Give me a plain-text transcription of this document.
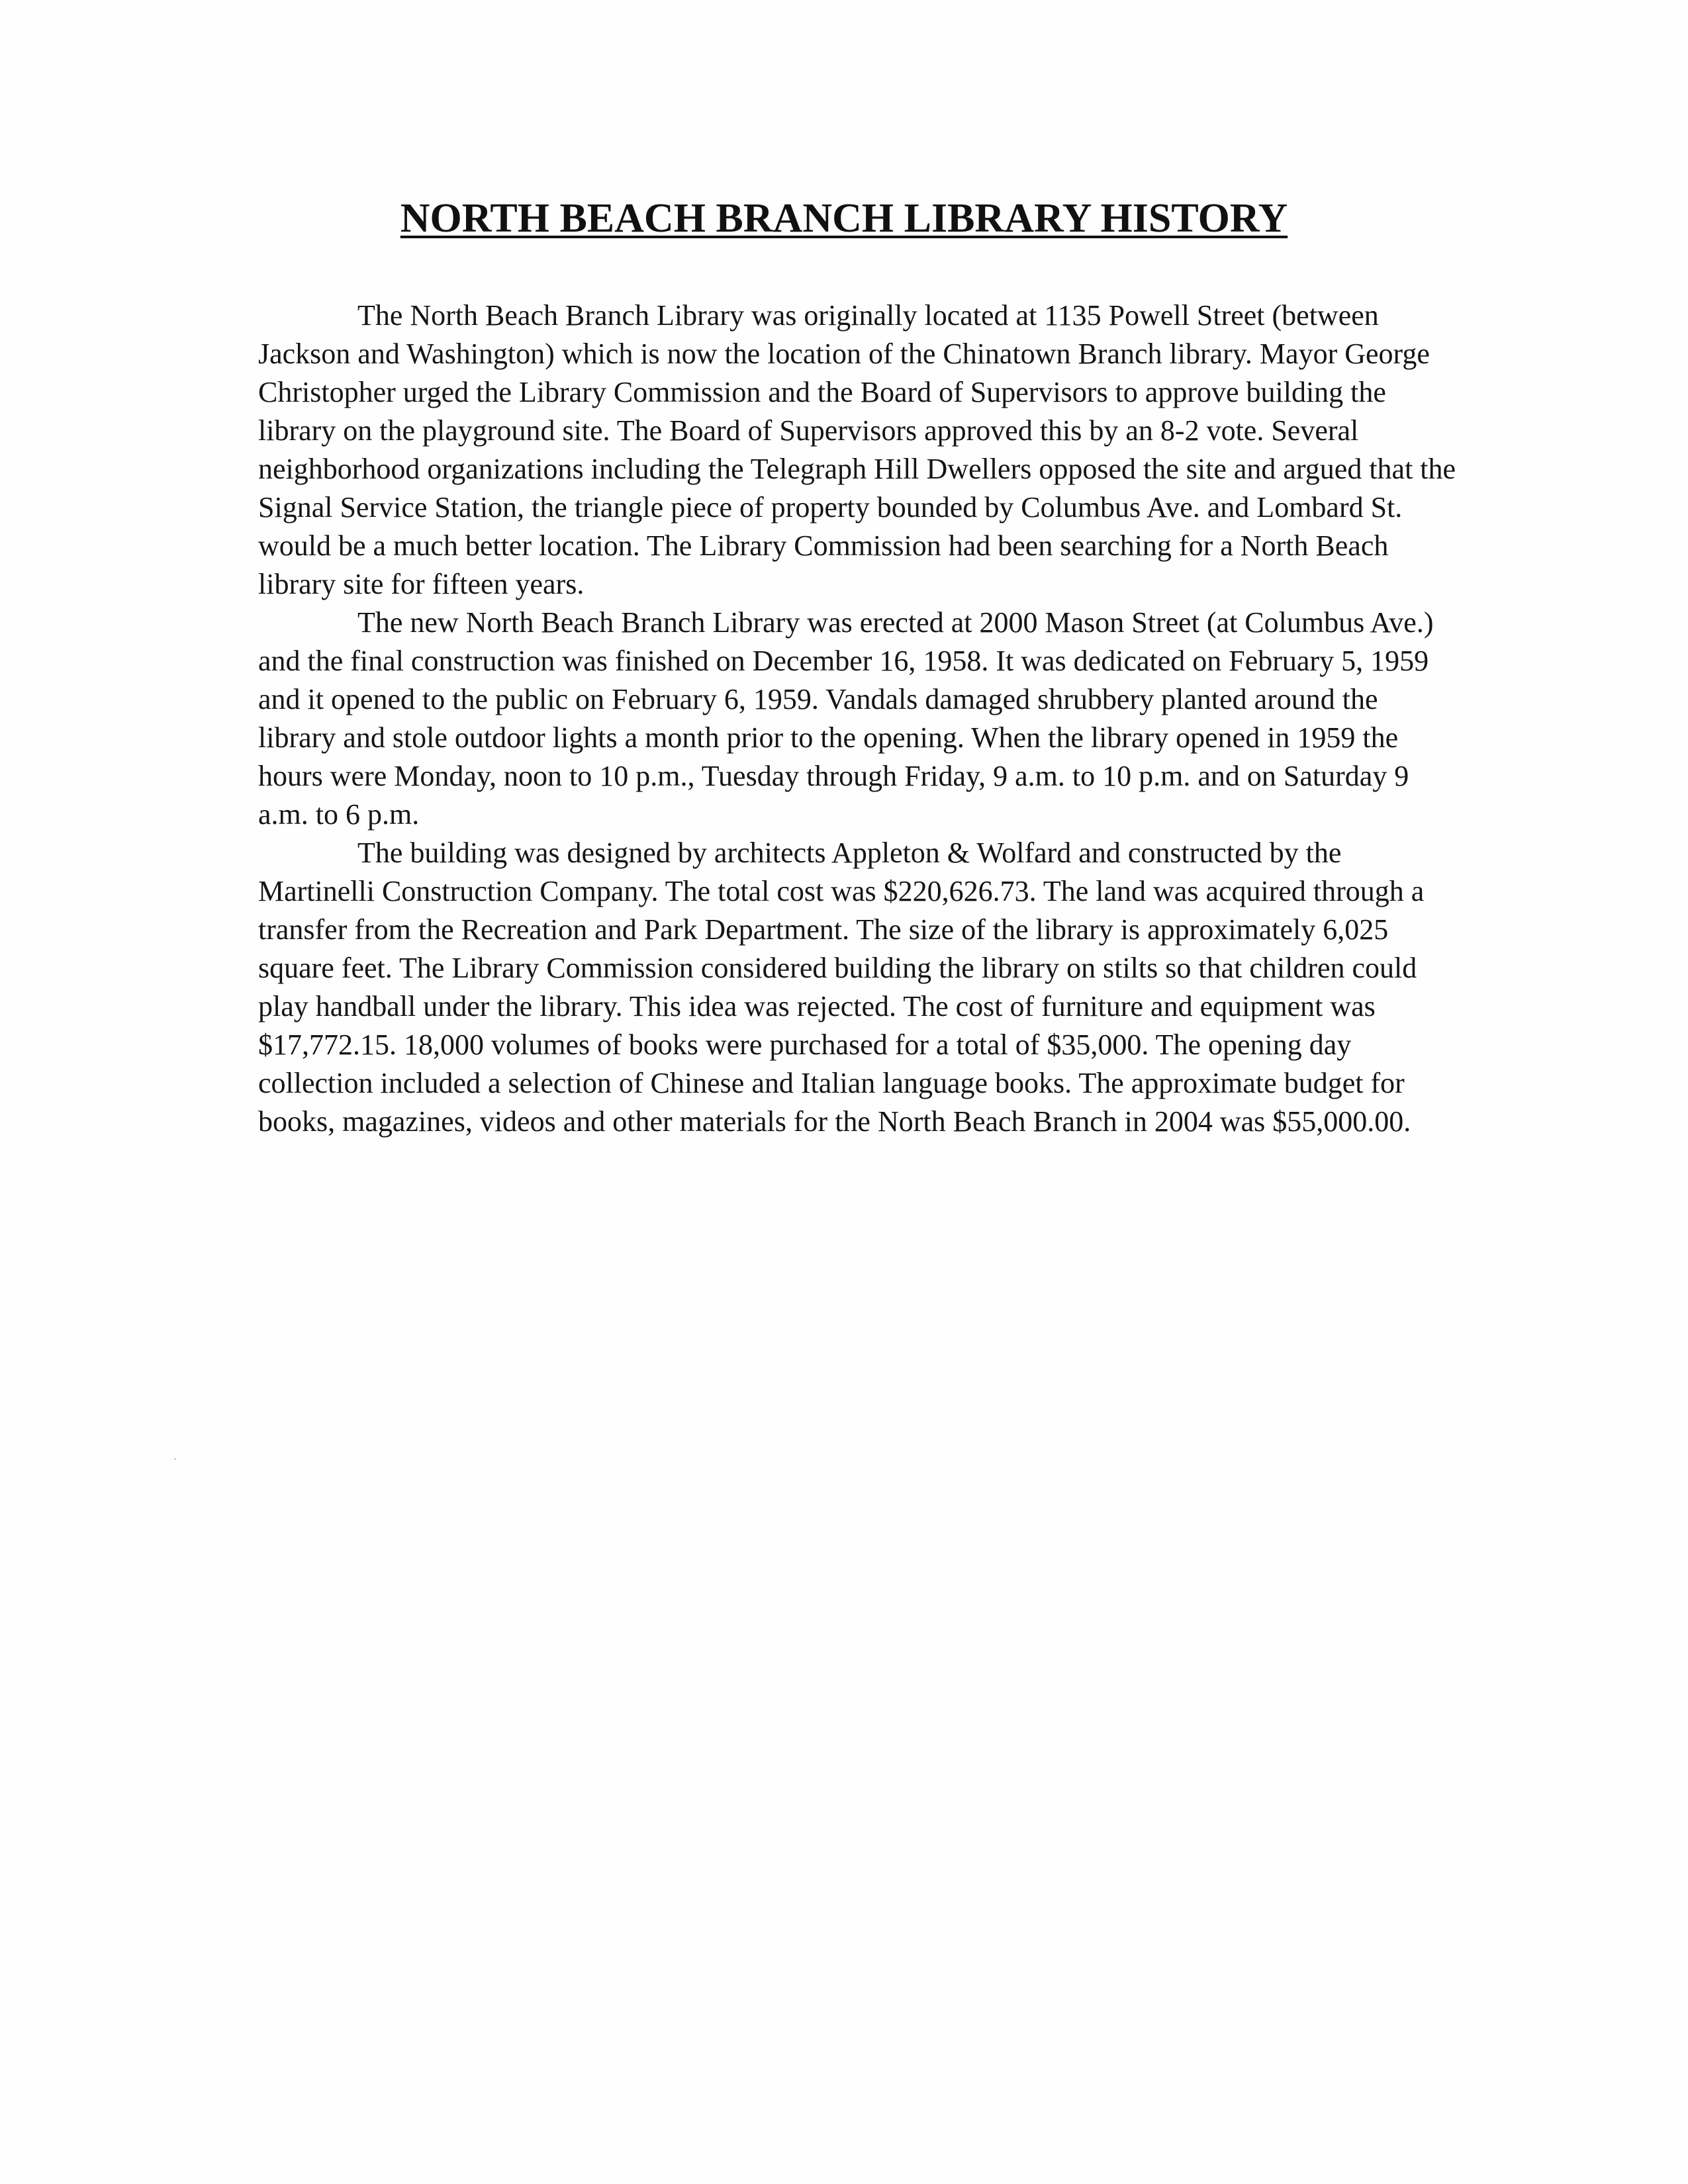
NORTH BEACH BRANCH LIBRARY HISTORY

The North Beach Branch Library was originally located at 1135 Powell Street (between Jackson and Washington) which is now the location of the Chinatown Branch library. Mayor George Christopher urged the Library Commission and the Board of Supervisors to approve building the library on the playground site. The Board of Supervisors approved this by an 8-2 vote. Several neighborhood organizations including the Telegraph Hill Dwellers opposed the site and argued that the Signal Service Station, the triangle piece of property bounded by Columbus Ave. and Lombard St. would be a much better location. The Library Commission had been searching for a North Beach library site for fifteen years.

The new North Beach Branch Library was erected at 2000 Mason Street (at Columbus Ave.) and the final construction was finished on December 16, 1958. It was dedicated on February 5, 1959 and it opened to the public on February 6, 1959. Vandals damaged shrubbery planted around the library and stole outdoor lights a month prior to the opening. When the library opened in 1959 the hours were Monday, noon to 10 p.m., Tuesday through Friday, 9 a.m. to 10 p.m. and on Saturday 9 a.m. to 6 p.m.

The building was designed by architects Appleton & Wolfard and constructed by the Martinelli Construction Company. The total cost was $220,626.73. The land was acquired through a transfer from the Recreation and Park Department. The size of the library is approximately 6,025 square feet. The Library Commission considered building the library on stilts so that children could play handball under the library. This idea was rejected. The cost of furniture and equipment was $17,772.15. 18,000 volumes of books were purchased for a total of $35,000. The opening day collection included a selection of Chinese and Italian language books. The approximate budget for books, magazines, videos and other materials for the North Beach Branch in 2004 was $55,000.00.
